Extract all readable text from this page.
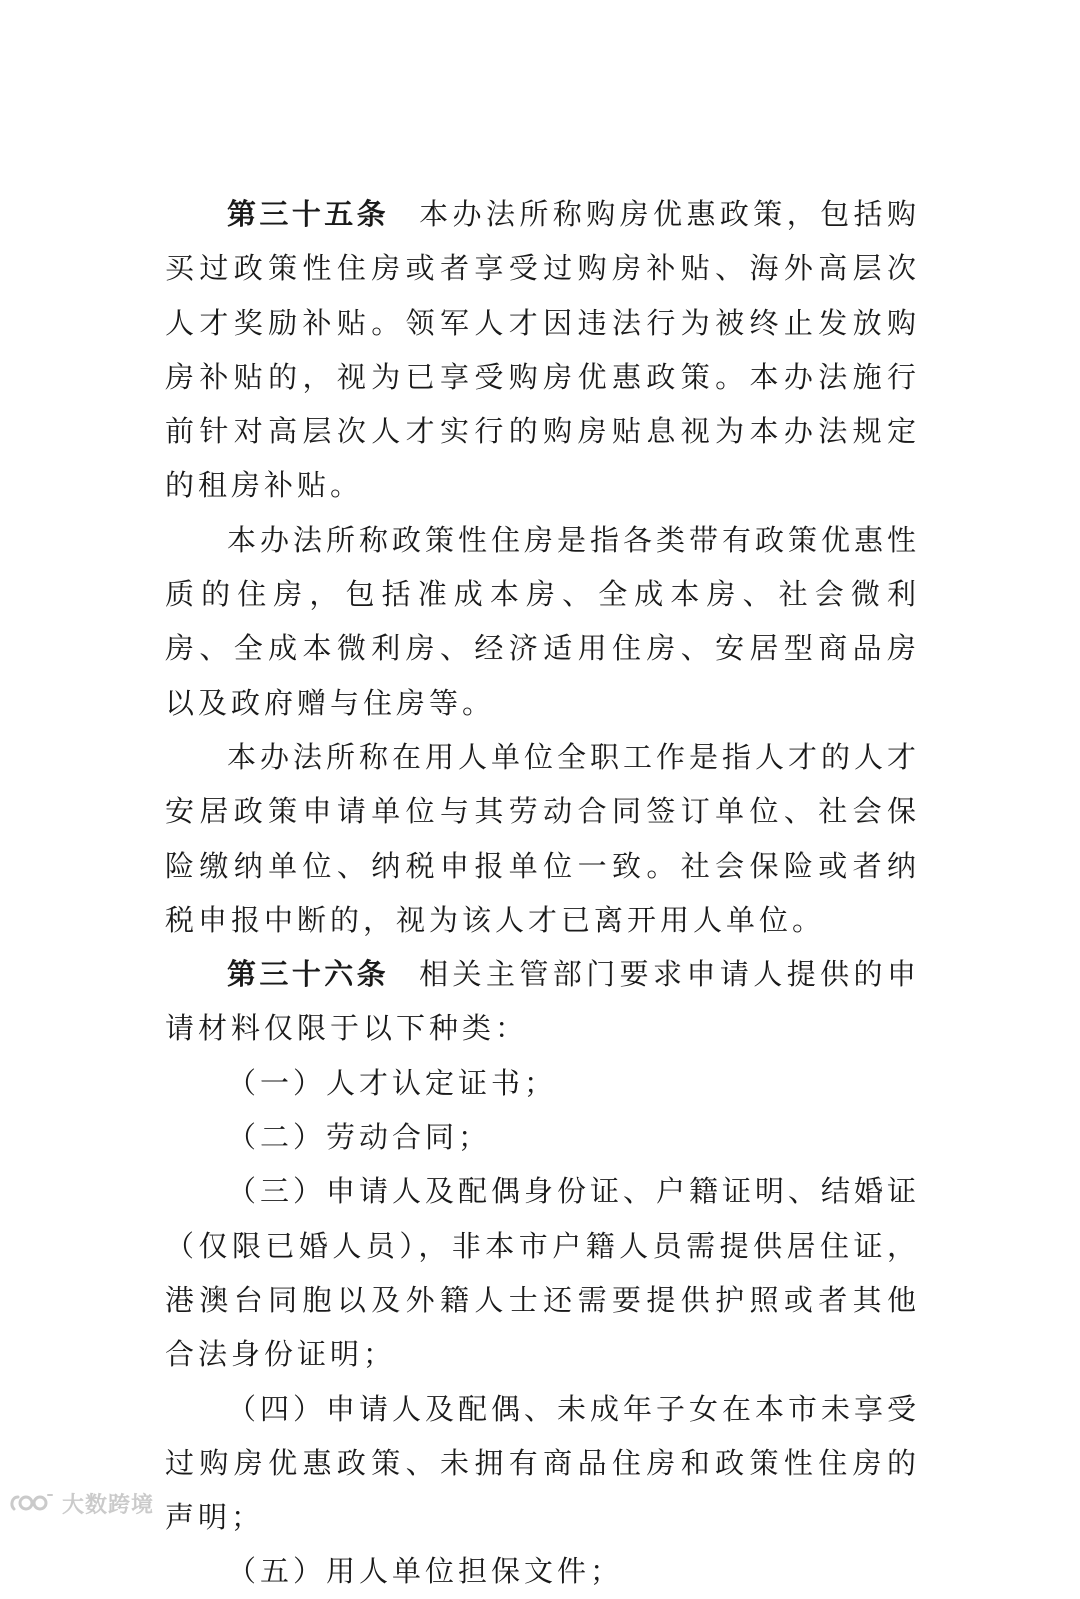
第三十五条 本办法所称购房优惠政策，包括购买过政策性住房或者享受过购房补贴、海外高层次人才奖励补贴。领军人才因违法行为被终止发放购房补贴的，视为已享受购房优惠政策。本办法施行前针对高层次人才实行的购房贴息视为本办法规定的租房补贴。

本办法所称政策性住房是指各类带有政策优惠性质的住房，包括准成本房、全成本房、社会微利房、全成本微利房、经济适用住房、安居型商品房以及政府赠与住房等。

本办法所称在用人单位全职工作是指人才的人才安居政策申请单位与其劳动合同签订单位、社会保险缴纳单位、纳税申报单位一致。社会保险或者纳税申报中断的，视为该人才已离开用人单位。

第三十六条 相关主管部门要求申请人提供的申请材料仅限于以下种类：

（一）人才认定证书；

（二）劳动合同；

（三）申请人及配偶身份证、户籍证明、结婚证（仅限已婚人员），非本市户籍人员需提供居住证，港澳台同胞以及外籍人士还需要提供护照或者其他合法身份证明；

（四）申请人及配偶、未成年子女在本市未享受过购房优惠政策、未拥有商品住房和政策性住房的声明；

（五）用人单位担保文件；

大数跨境
